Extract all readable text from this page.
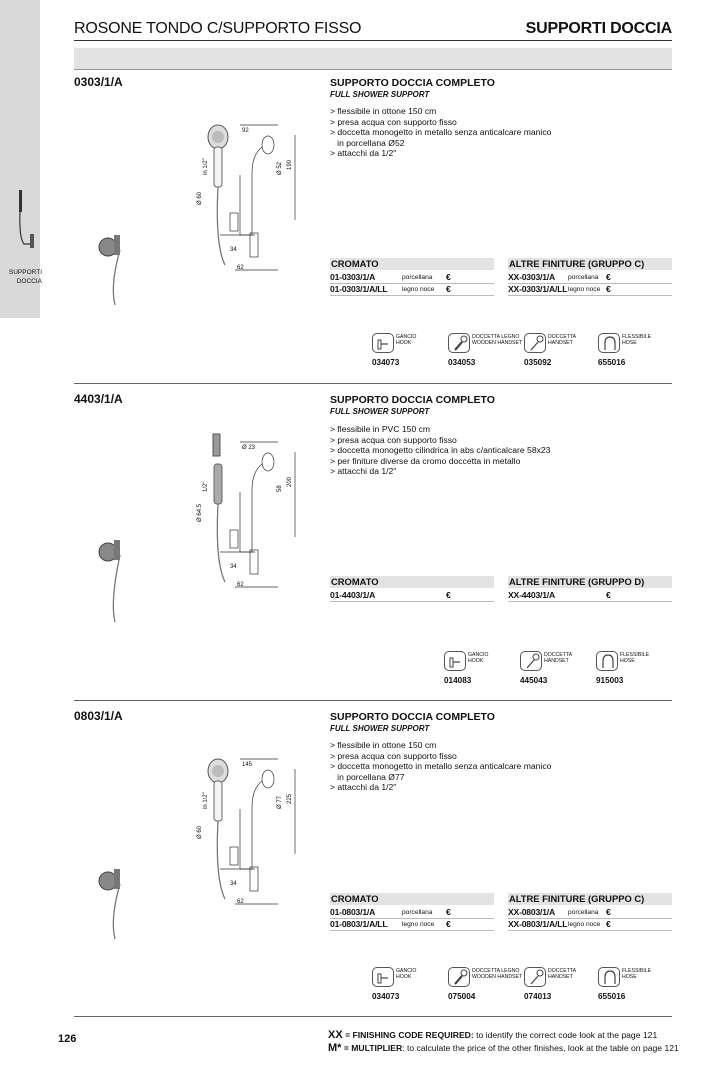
SUPPORTI
DOCCIA
ROSONE TONDO C/SUPPORTO FISSO	SUPPORTI DOCCIA
0303/1/A	SUPPORTO DOCCIA COMPLETO
FULL SHOWER SUPPORT
> flessibile in ottone 150 cm
> presa acqua con supporto fisso
> doccetta monogetto in metallo senza anticalcare manico
in porcellana Ø52
> attacchi da 1/2"
92
Ø 52 190
in 1/2"
Ø 60
34
62	CROMATO
01-0303/1/A	porcellana €
01-0303/1/A/LL legno noce €
ALTRE FINITURE (GRUPPO C)
XX-0303/1/A porcellana €
XX-0303/1/A/LL legno noce €
GANCIO
HOOK
034073
DOCCETTA LEGNO
WOODEN HANDSET
034053
DOCCETTA
HANDSET
035092
FLESSIBILE
HOSE
655016
4403/1/A	SUPPORTO DOCCIA COMPLETO
FULL SHOWER SUPPORT
> flessibile in PVC 150 cm
> presa acqua con supporto fisso
> doccetta monogetto cilindrica in abs c/anticalcare 58x23
> per finiture diverse da cromo doccetta in metallo
> attacchi da 1/2"
Ø 23
58
200
1/2"
Ø 64.5
34
62	CROMATO
01-4403/1/A	€
ALTRE FINITURE (GRUPPO D)
XX-4403/1/A	€
GANCIO
HOOK
014083
DOCCETTA
HANDSET
445043
FLESSIBILE
HOSE
915003
0803/1/A	SUPPORTO DOCCIA COMPLETO
FULL SHOWER SUPPORT
> flessibile in ottone 150 cm
> presa acqua con supporto fisso
> doccetta monogetto in metallo senza anticalcare manico
in porcellana Ø77
> attacchi da 1/2"
145
Ø 77 225
in 1/2"
Ø 60
34
62	CROMATO
01-0803/1/A	porcellana €
01-0803/1/A/LL legno noce €
ALTRE FINITURE (GRUPPO C)
XX-0803/1/A porcellana €
XX-0803/1/A/LL legno noce €
GANCIO
HOOK
034073
DOCCETTA LEGNO
WOODEN HANDSET
075004
DOCCETTA
HANDSET
074013
FLESSIBILE
HOSE
655016
126	XX = FINISHING CODE REQUIRED: to identify the correct code look at the page 121
M* = MULTIPLIER: to calculate the price of the other finishes, look at the table on page 121
